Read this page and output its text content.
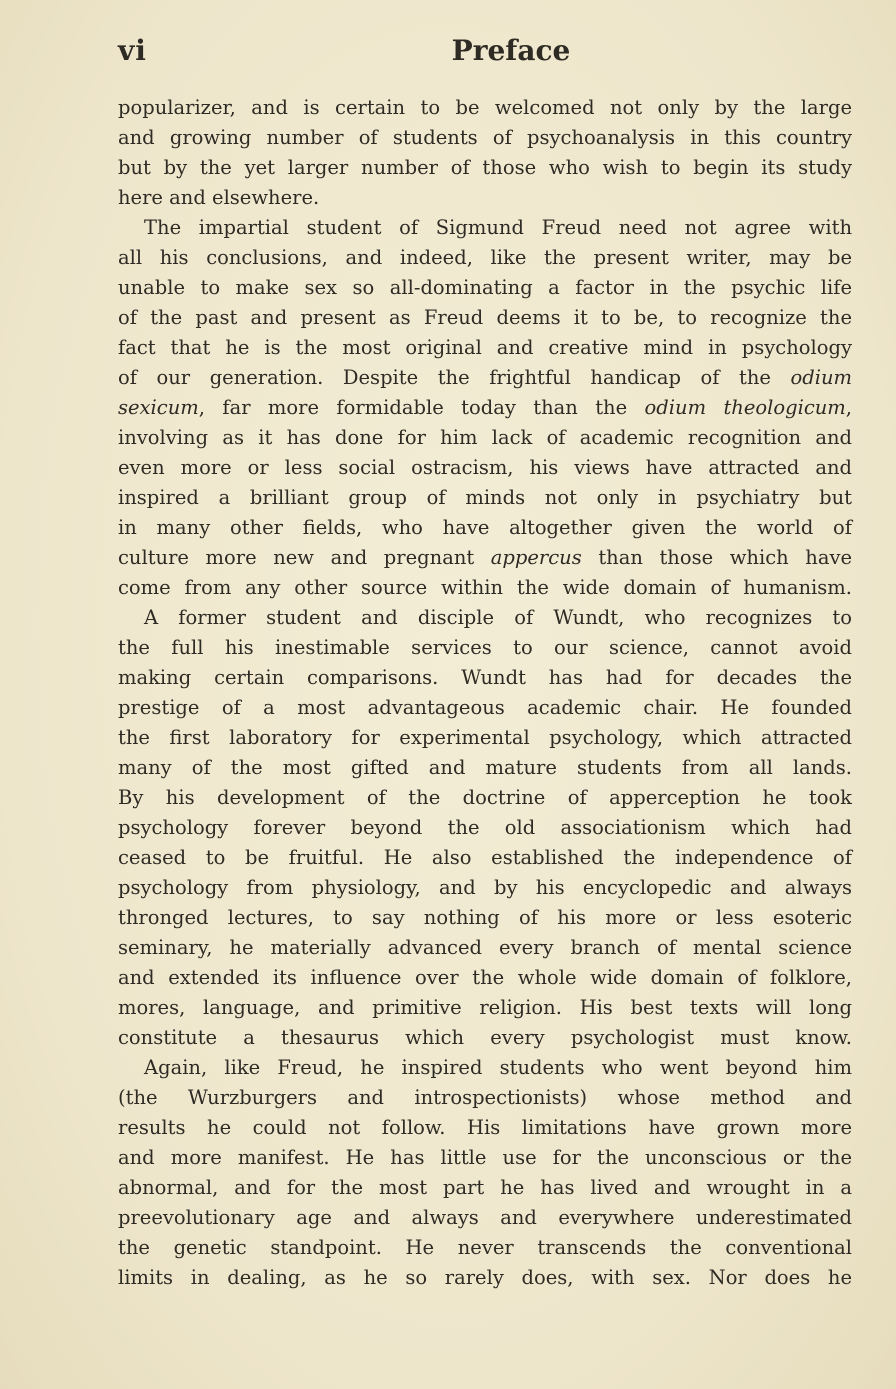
vi	Preface
popularizer, and is certain to be welcomed not only by the large
and growing number of students of psychoanalysis in this country
but by the yet larger number of those who wish to begin its study
here and elsewhere.
The impartial student of Sigmund Freud need not agree with
all his conclusions, and indeed, like the present writer, may be
unable to make sex so all-dominating a factor in the psychic life
of the past and present as Freud deems it to be, to recognize the
fact that he is the most original and creative mind in psychology
of our generation. Despite the frightful handicap of the odium
sexicum, far more formidable today than the odium theologicum,
involving as it has done for him lack of academic recognition and
even more or less social ostracism, his views have attracted and
inspired a brilliant group of minds not only in psychiatry but
in many other fields, who have altogether given the world of
culture more new and pregnant appercus than those which have
come from any other source within the wide domain of humanism.
A former student and disciple of Wundt, who recognizes to
the full his inestimable services to our science, cannot avoid
making certain comparisons. Wundt has had for decades the
prestige of a most advantageous academic chair. He founded
the first laboratory for experimental psychology, which attracted
many of the most gifted and mature students from all lands.
By his development of the doctrine of apperception he took
psychology forever beyond the old associationism which had
ceased to be fruitful. He also established the independence of
psychology from physiology, and by his encyclopedic and always
thronged lectures, to say nothing of his more or less esoteric
seminary, he materially advanced every branch of mental science
and extended its influence over the whole wide domain of folklore,
mores, language, and primitive religion. His best texts will long
constitute a thesaurus which every psychologist must know.
Again, like Freud, he inspired students who went beyond him
(the Wurzburgers and introspectionists) whose method and
results he could not follow. His limitations have grown more
and more manifest. He has little use for the unconscious or the
abnormal, and for the most part he has lived and wrought in a
preevolutionary age and always and everywhere underestimated
the genetic standpoint. He never transcends the conventional
limits in dealing, as he so rarely does, with sex. Nor does he
